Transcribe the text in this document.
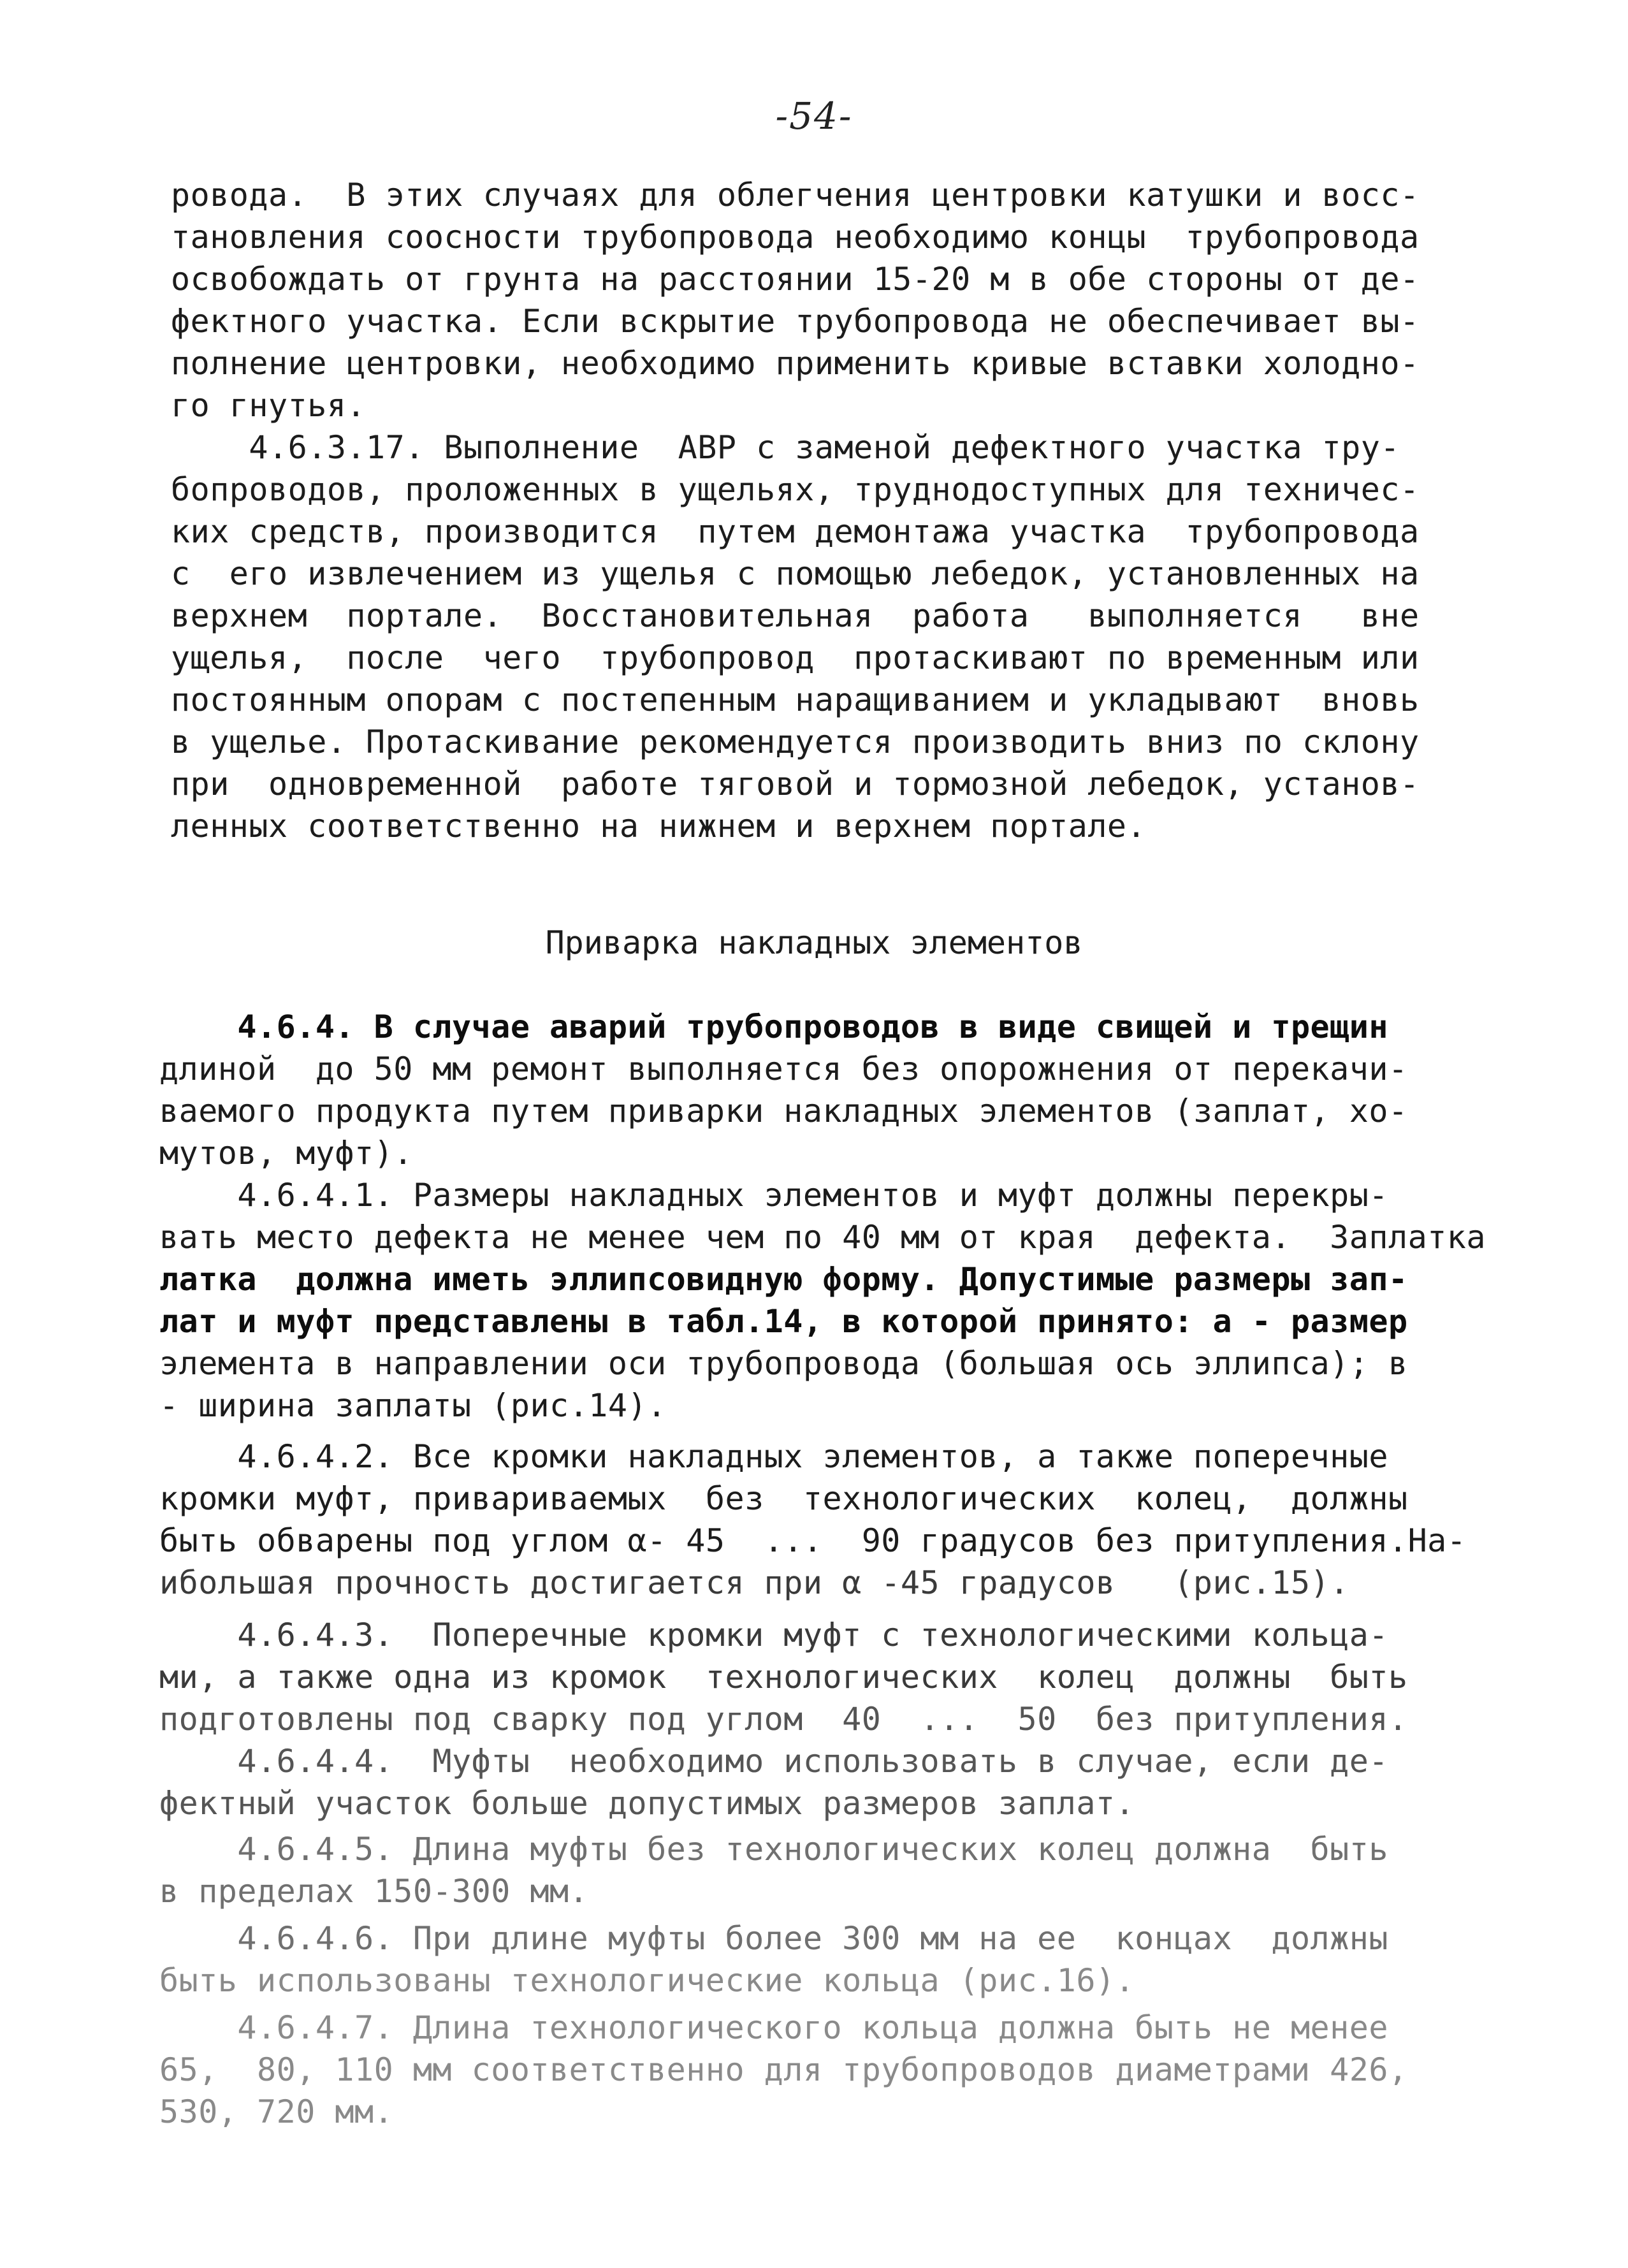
-54-
ровода.  В этих случаях для облегчения центровки катушки и восс-
тановления соосности трубопровода необходимо концы  трубопровода
освобождать от грунта на расстоянии 15-20 м в обе стороны от де-
фектного участка. Если вскрытие трубопровода не обеспечивает вы-
полнение центровки, необходимо применить кривые вставки холодно-
го гнутья.
4.6.3.17. Выполнение  АВР с заменой дефектного участка тру-
бопроводов, проложенных в ущельях, труднодоступных для техничес-
ких средств, производится  путем демонтажа участка  трубопровода
с  его извлечением из ущелья с помощью лебедок, установленных на
верхнем  портале.  Восстановительная  работа   выполняется   вне
ущелья,  после  чего  трубопровод  протаскивают по временным или
постоянным опорам с постепенным наращиванием и укладывают  вновь
в ущелье. Протаскивание рекомендуется производить вниз по склону
при  одновременной  работе тяговой и тормозной лебедок, установ-
ленных соответственно на нижнем и верхнем портале.
Приварка накладных элементов
4.6.4. В случае аварий трубопроводов в виде свищей и трещин
длиной  до 50 мм ремонт выполняется без опорожнения от перекачи-
ваемого продукта путем приварки накладных элементов (заплат, хо-
мутов, муфт).
4.6.4.1. Размеры накладных элементов и муфт должны перекры-
вать место дефекта не менее чем по 40 мм от края  дефекта.  Заплатка
латка  должна иметь эллипсовидную форму. Допустимые размеры зап-
лат и муфт представлены в табл.14, в которой принято: а - размер
элемента в направлении оси трубопровода (большая ось эллипса); в
- ширина заплаты (рис.14).
4.6.4.2. Все кромки накладных элементов, а также поперечные
кромки муфт, привариваемых  без  технологических  колец,  должны
быть обварены под углом α- 45  ...  90 градусов без притупления.На-
ибольшая прочность достигается при α -45 градусов   (рис.15).
4.6.4.3.  Поперечные кромки муфт с технологическими кольца-
ми, а также одна из кромок  технологических  колец  должны  быть
подготовлены под сварку под углом  40  ...  50  без притупления.
4.6.4.4.  Муфты  необходимо использовать в случае, если де-
фектный участок больше допустимых размеров заплат.
4.6.4.5. Длина муфты без технологических колец должна  быть
в пределах 150-300 мм.
4.6.4.6. При длине муфты более 300 мм на ее  концах  должны
быть использованы технологические кольца (рис.16).
4.6.4.7. Длина технологического кольца должна быть не менее
65,  80, 110 мм соответственно для трубопроводов диаметрами 426,
530, 720 мм.
